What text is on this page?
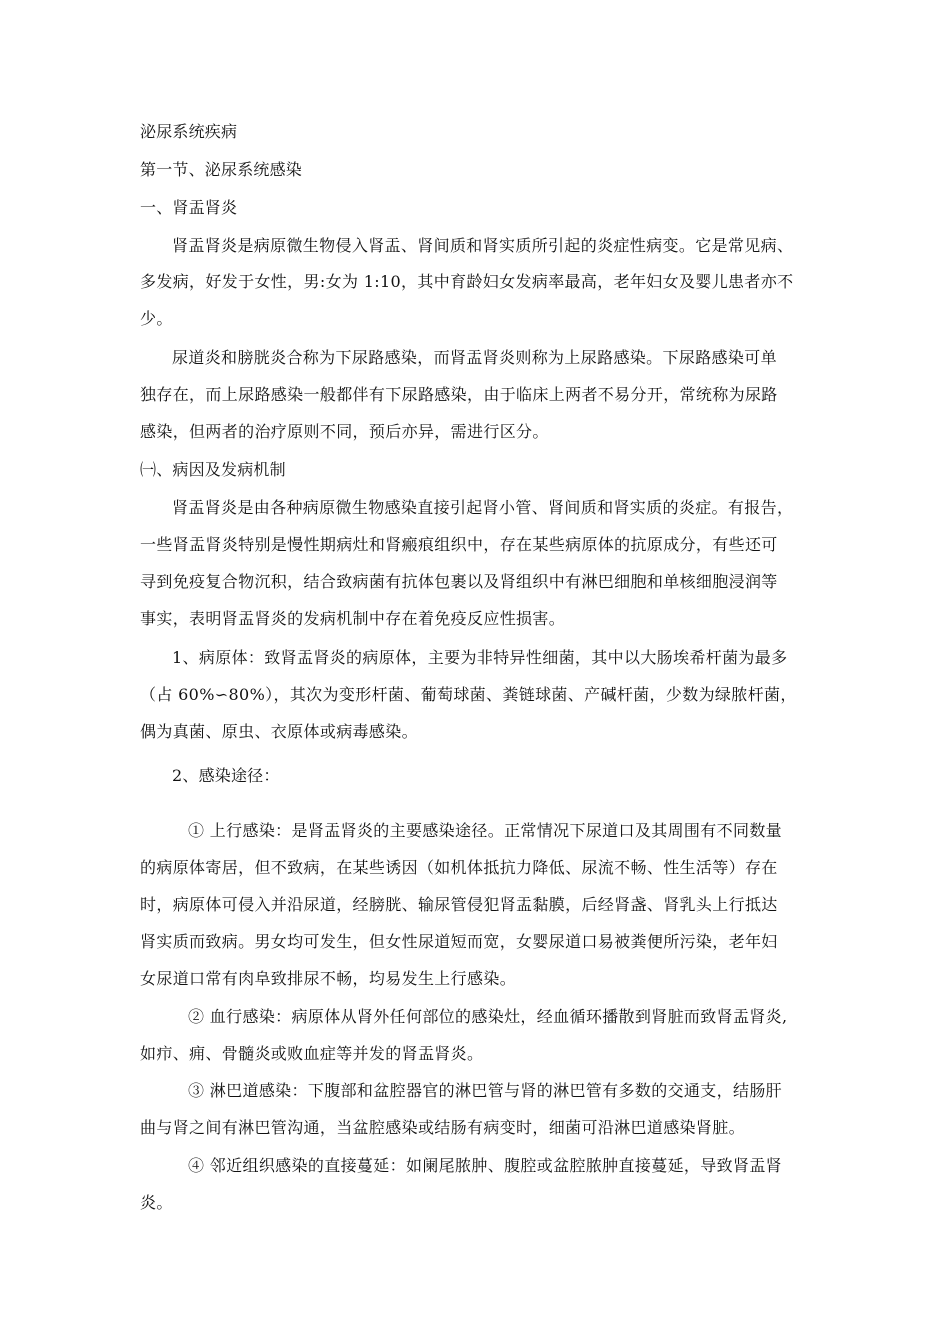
泌尿系统疾病
第一节、泌尿系统感染
一、肾盂肾炎
肾盂肾炎是病原微生物侵入肾盂、肾间质和肾实质所引起的炎症性病变。它是常见病、
多发病，好发于女性，男:女为 1:10，其中育龄妇女发病率最高，老年妇女及婴儿患者亦不
少。
尿道炎和膀胱炎合称为下尿路感染，而肾盂肾炎则称为上尿路感染。下尿路感染可单
独存在，而上尿路感染一般都伴有下尿路感染，由于临床上两者不易分开，常统称为尿路
感染，但两者的治疗原则不同，预后亦异，需进行区分。
㈠、病因及发病机制
肾盂肾炎是由各种病原微生物感染直接引起肾小管、肾间质和肾实质的炎症。有报告，
一些肾盂肾炎特别是慢性期病灶和肾瘢痕组织中，存在某些病原体的抗原成分，有些还可
寻到免疫复合物沉积，结合致病菌有抗体包裹以及肾组织中有淋巴细胞和单核细胞浸润等
事实，表明肾盂肾炎的发病机制中存在着免疫反应性损害。
1、病原体：致肾盂肾炎的病原体，主要为非特异性细菌，其中以大肠埃希杆菌为最多
（占 60%∽80%），其次为变形杆菌、葡萄球菌、粪链球菌、产碱杆菌，少数为绿脓杆菌，
偶为真菌、原虫、衣原体或病毒感染。
2、感染途径：
① 上行感染：是肾盂肾炎的主要感染途径。正常情况下尿道口及其周围有不同数量
的病原体寄居，但不致病，在某些诱因（如机体抵抗力降低、尿流不畅、性生活等）存在
时，病原体可侵入并沿尿道，经膀胱、输尿管侵犯肾盂黏膜，后经肾盏、肾乳头上行抵达
肾实质而致病。男女均可发生，但女性尿道短而宽，女婴尿道口易被粪便所污染，老年妇
女尿道口常有肉阜致排尿不畅，均易发生上行感染。
② 血行感染：病原体从肾外任何部位的感染灶，经血循环播散到肾脏而致肾盂肾炎,
如疖、痈、骨髓炎或败血症等并发的肾盂肾炎。
③ 淋巴道感染：下腹部和盆腔器官的淋巴管与肾的淋巴管有多数的交通支，结肠肝
曲与肾之间有淋巴管沟通，当盆腔感染或结肠有病变时，细菌可沿淋巴道感染肾脏。
④ 邻近组织感染的直接蔓延：如阑尾脓肿、腹腔或盆腔脓肿直接蔓延，导致肾盂肾
炎。
